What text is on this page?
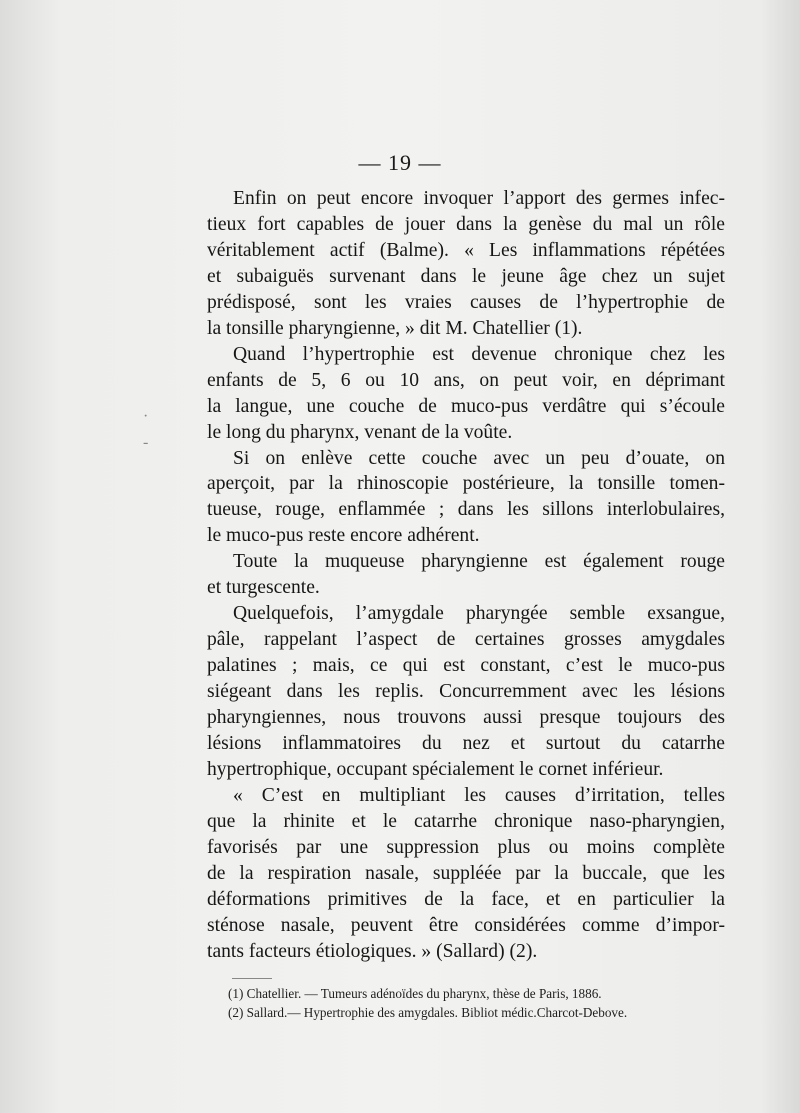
·
-
— 19 —
Enfin on peut encore invoquer l’apport des germes infec-
tieux fort capables de jouer dans la genèse du mal un rôle
véritablement actif (Balme). « Les inflammations répétées
et subaiguës survenant dans le jeune âge chez un sujet
prédisposé, sont les vraies causes de l’hypertrophie de
la tonsille pharyngienne, » dit M. Chatellier (1).
Quand l’hypertrophie est devenue chronique chez les
enfants de 5, 6 ou 10 ans, on peut voir, en déprimant
la langue, une couche de muco-pus verdâtre qui s’écoule
le long du pharynx, venant de la voûte.
Si on enlève cette couche avec un peu d’ouate, on
aperçoit, par la rhinoscopie postérieure, la tonsille tomen-
tueuse, rouge, enflammée ; dans les sillons interlobulaires,
le muco-pus reste encore adhérent.
Toute la muqueuse pharyngienne est également rouge
et turgescente.
Quelquefois, l’amygdale pharyngée semble exsangue,
pâle, rappelant l’aspect de certaines grosses amygdales
palatines ; mais, ce qui est constant, c’est le muco-pus
siégeant dans les replis. Concurremment avec les lésions
pharyngiennes, nous trouvons aussi presque toujours des
lésions inflammatoires du nez et surtout du catarrhe
hypertrophique, occupant spécialement le cornet inférieur.
« C’est en multipliant les causes d’irritation, telles
que la rhinite et le catarrhe chronique naso-pharyngien,
favorisés par une suppression plus ou moins complète
de la respiration nasale, suppléée par la buccale, que les
déformations primitives de la face, et en particulier la
sténose nasale, peuvent être considérées comme d’impor-
tants facteurs étiologiques. » (Sallard) (2).
(1) Chatellier. — Tumeurs adénoïdes du pharynx, thèse de Paris, 1886.
(2) Sallard.— Hypertrophie des amygdales. Bibliot médic.Charcot-Debove.
